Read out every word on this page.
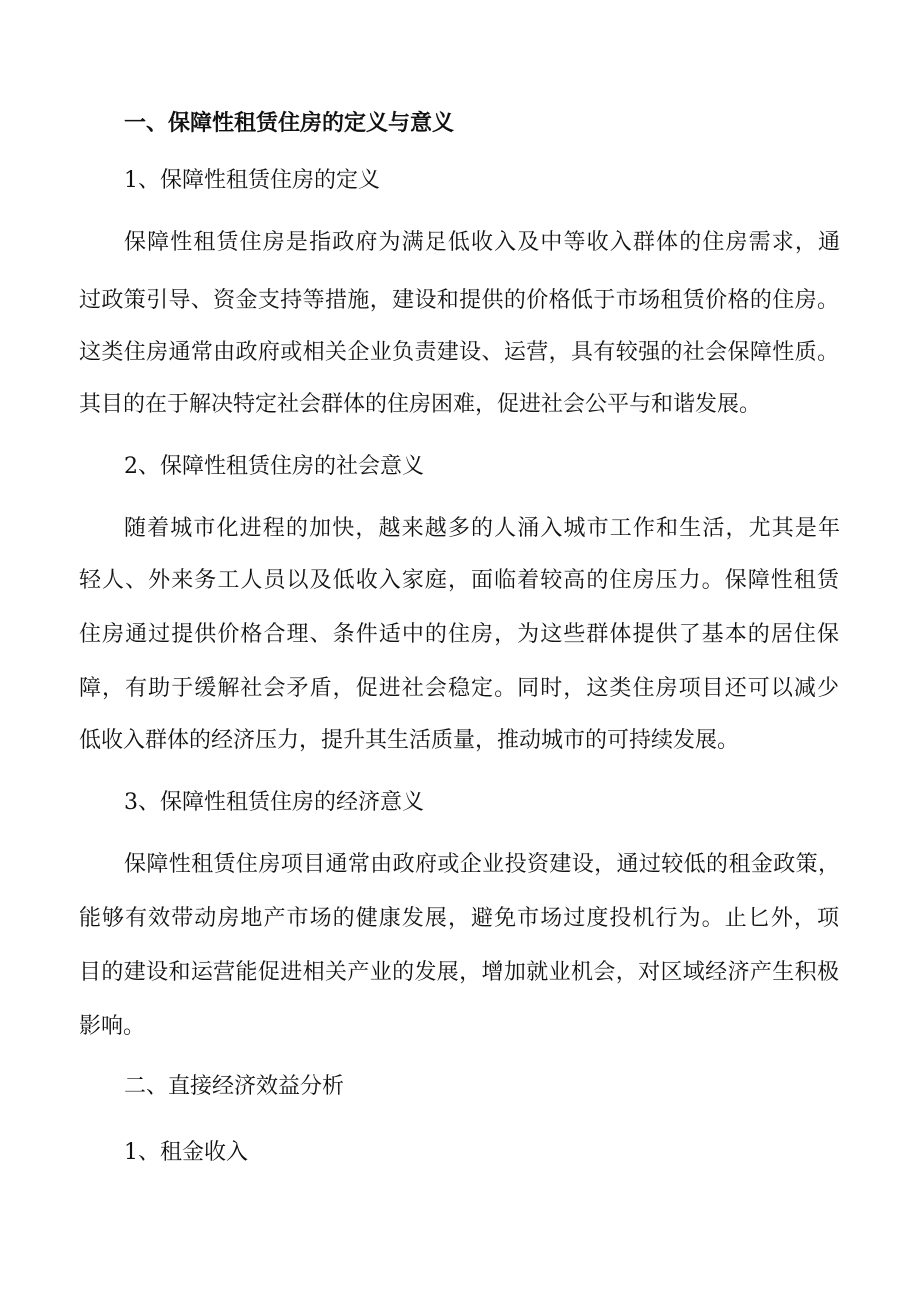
一、保障性租赁住房的定义与意义
1、保障性租赁住房的定义
保障性租赁住房是指政府为满足低收入及中等收入群体的住房需求，通
过政策引导、资金支持等措施，建设和提供的价格低于市场租赁价格的住房。
这类住房通常由政府或相关企业负责建设、运营，具有较强的社会保障性质。
其目的在于解决特定社会群体的住房困难，促进社会公平与和谐发展。
2、保障性租赁住房的社会意义
随着城市化进程的加快，越来越多的人涌入城市工作和生活，尤其是年
轻人、外来务工人员以及低收入家庭，面临着较高的住房压力。保障性租赁
住房通过提供价格合理、条件适中的住房，为这些群体提供了基本的居住保
障，有助于缓解社会矛盾，促进社会稳定。同时，这类住房项目还可以减少
低收入群体的经济压力，提升其生活质量，推动城市的可持续发展。
3、保障性租赁住房的经济意义
保障性租赁住房项目通常由政府或企业投资建设，通过较低的租金政策，
能够有效带动房地产市场的健康发展，避免市场过度投机行为。止匕外，项
目的建设和运营能促进相关产业的发展，增加就业机会，对区域经济产生积极
影响。
二、直接经济效益分析
1、租金收入
